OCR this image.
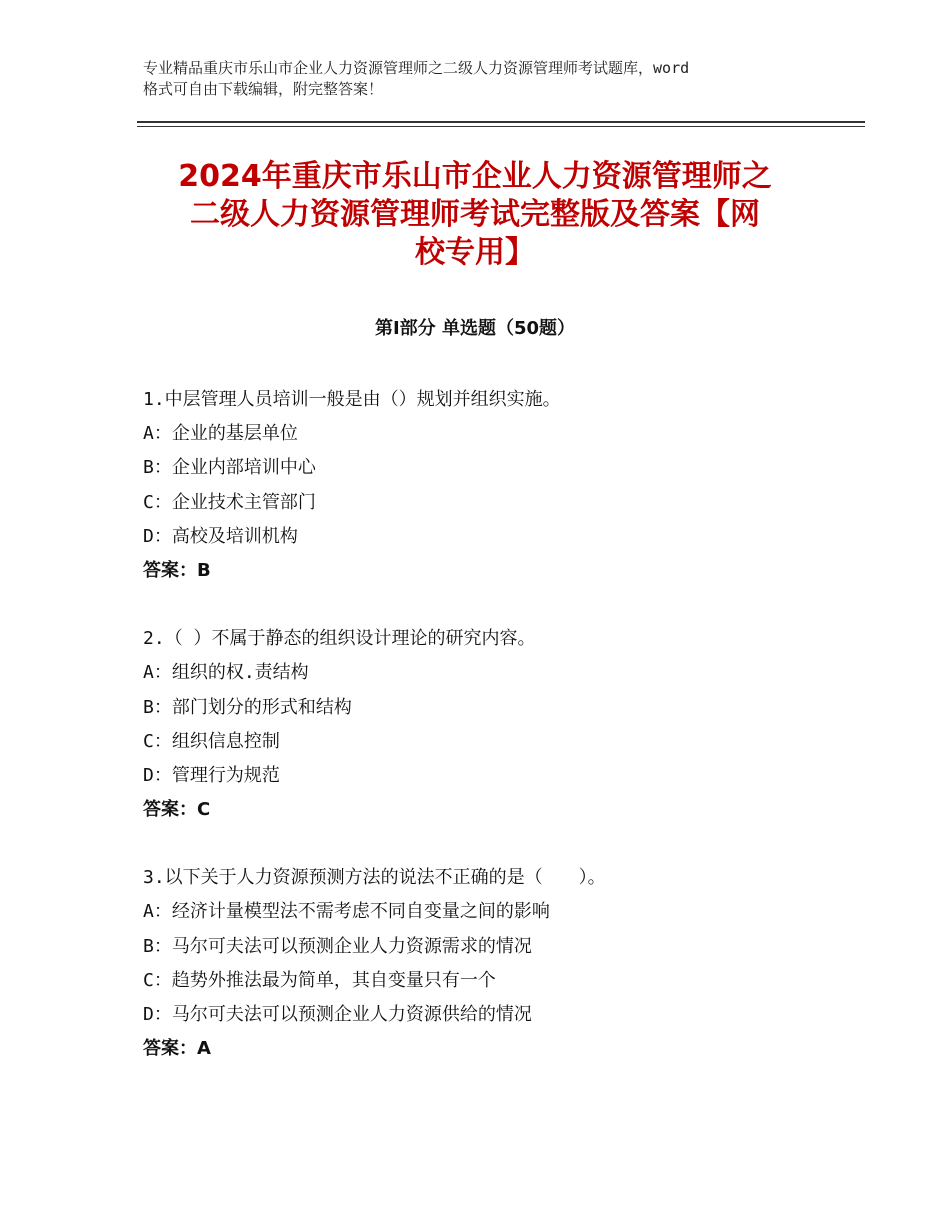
专业精品重庆市乐山市企业人力资源管理师之二级人力资源管理师考试题库，word
格式可自由下载编辑，附完整答案！
2024年重庆市乐山市企业人力资源管理师之
二级人力资源管理师考试完整版及答案【网
校专用】
第Ⅰ部分 单选题（50题）
1.中层管理人员培训一般是由（）规划并组织实施。
A：企业的基层单位
B：企业内部培训中心
C：企业技术主管部门
D：高校及培训机构
答案：B
2.（ ）不属于静态的组织设计理论的研究内容。
A：组织的权.责结构
B：部门划分的形式和结构
C：组织信息控制
D：管理行为规范
答案：C
3.以下关于人力资源预测方法的说法不正确的是（　　）。
A：经济计量模型法不需考虑不同自变量之间的影响
B：马尔可夫法可以预测企业人力资源需求的情况
C：趋势外推法最为简单，其自变量只有一个
D：马尔可夫法可以预测企业人力资源供给的情况
答案：A
